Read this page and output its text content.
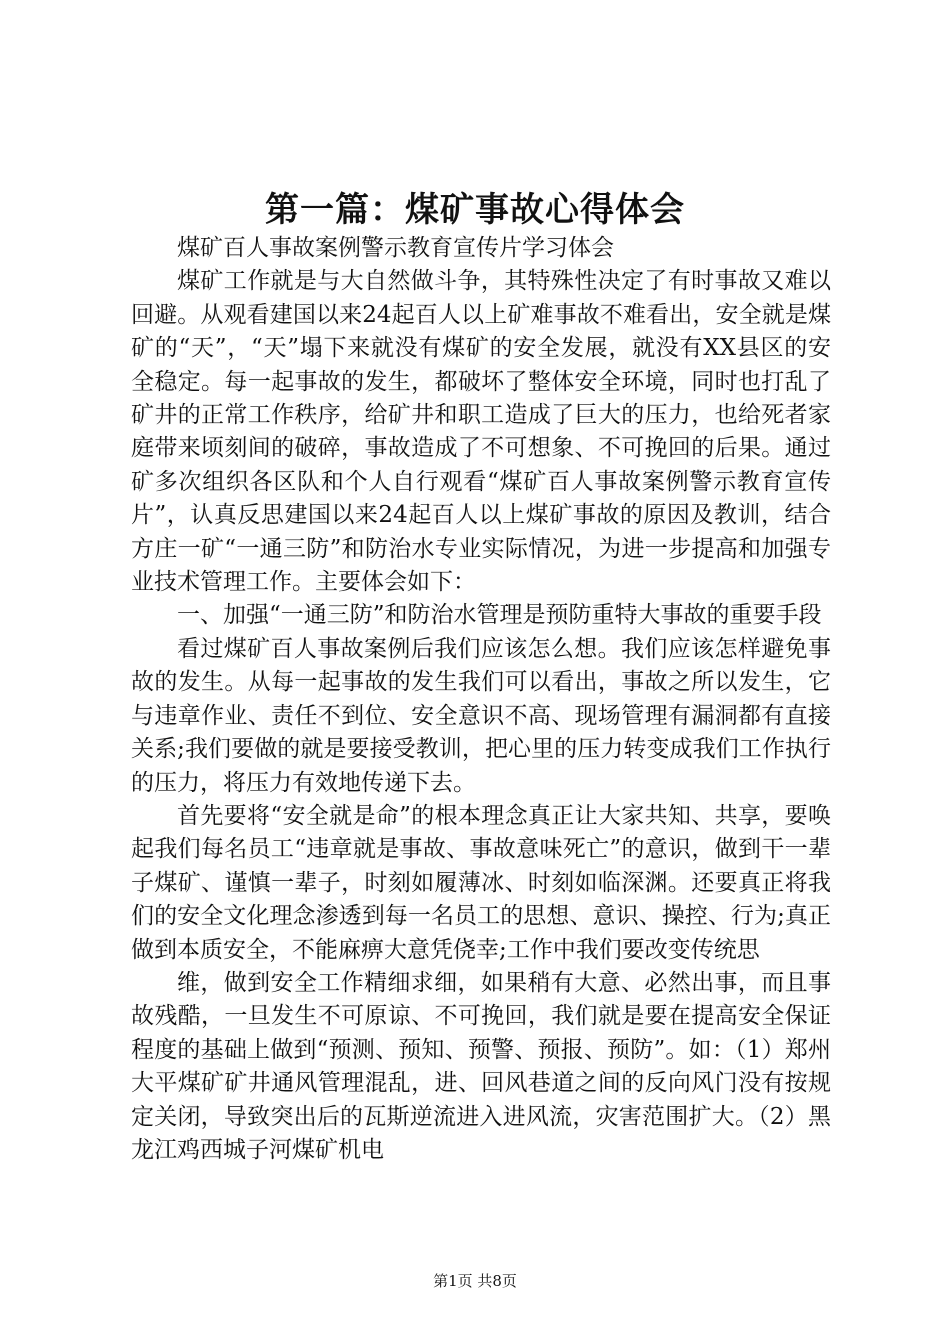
第一篇：煤矿事故心得体会

煤矿百人事故案例警示教育宣传片学习体会

煤矿工作就是与大自然做斗争，其特殊性决定了有时事故又难以回避。从观看建国以来24起百人以上矿难事故不难看出，安全就是煤矿的“天”，“天”塌下来就没有煤矿的安全发展，就没有XX县区的安全稳定。每一起事故的发生，都破坏了整体安全环境，同时也打乱了矿井的正常工作秩序，给矿井和职工造成了巨大的压力，也给死者家庭带来顷刻间的破碎，事故造成了不可想象、不可挽回的后果。通过矿多次组织各区队和个人自行观看“煤矿百人事故案例警示教育宣传片”，认真反思建国以来24起百人以上煤矿事故的原因及教训，结合方庄一矿“一通三防”和防治水专业实际情况，为进一步提高和加强专业技术管理工作。主要体会如下：

一、加强“一通三防”和防治水管理是预防重特大事故的重要手段

看过煤矿百人事故案例后我们应该怎么想。我们应该怎样避免事故的发生。从每一起事故的发生我们可以看出，事故之所以发生，它与违章作业、责任不到位、安全意识不高、现场管理有漏洞都有直接关系;我们要做的就是要接受教训，把心里的压力转变成我们工作执行的压力，将压力有效地传递下去。

首先要将“安全就是命”的根本理念真正让大家共知、共享，要唤起我们每名员工“违章就是事故、事故意味死亡”的意识，做到干一辈子煤矿、谨慎一辈子，时刻如履薄冰、时刻如临深渊。还要真正将我们的安全文化理念渗透到每一名员工的思想、意识、操控、行为;真正做到本质安全，不能麻痹大意凭侥幸;工作中我们要改变传统思

维，做到安全工作精细求细，如果稍有大意、必然出事，而且事故残酷，一旦发生不可原谅、不可挽回，我们就是要在提高安全保证程度的基础上做到“预测、预知、预警、预报、预防”。如：（1）郑州大平煤矿矿井通风管理混乱，进、回风巷道之间的反向风门没有按规定关闭，导致突出后的瓦斯逆流进入进风流，灾害范围扩大。（2）黑龙江鸡西城子河煤矿机电

第1页 共8页
